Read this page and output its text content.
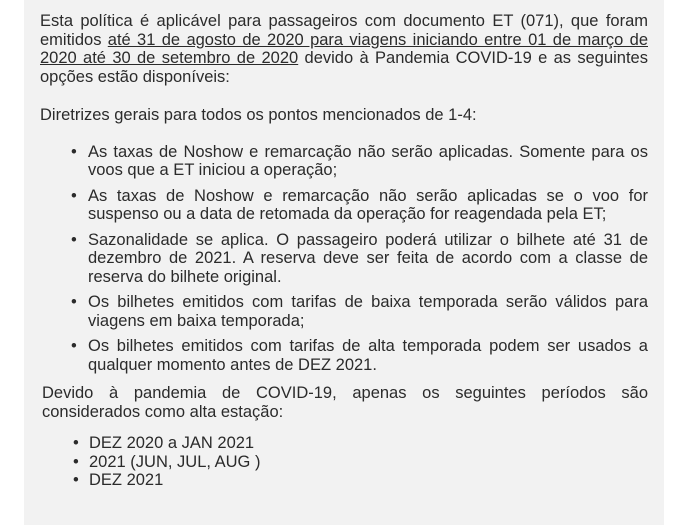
Esta política é aplicável para passageiros com documento ET (071), que foram emitidos até 31 de agosto de 2020 para viagens iniciando entre 01 de março de 2020 até 30 de setembro de 2020 devido à Pandemia COVID-19 e as seguintes opções estão disponíveis:

Diretrizes gerais para todos os pontos mencionados de 1-4:

• As taxas de Noshow e remarcação não serão aplicadas. Somente para os voos que a ET iniciou a operação;
• As taxas de Noshow e remarcação não serão aplicadas se o voo for suspenso ou a data de retomada da operação for reagendada pela ET;
• Sazonalidade se aplica. O passageiro poderá utilizar o bilhete até 31 de dezembro de 2021. A reserva deve ser feita de acordo com a classe de reserva do bilhete original.
• Os bilhetes emitidos com tarifas de baixa temporada serão válidos para viagens em baixa temporada;
• Os bilhetes emitidos com tarifas de alta temporada podem ser usados a qualquer momento antes de DEZ 2021.

Devido à pandemia de COVID-19, apenas os seguintes períodos são considerados como alta estação:

• DEZ 2020 a JAN 2021
• 2021 (JUN, JUL, AUG )
• DEZ 2021
